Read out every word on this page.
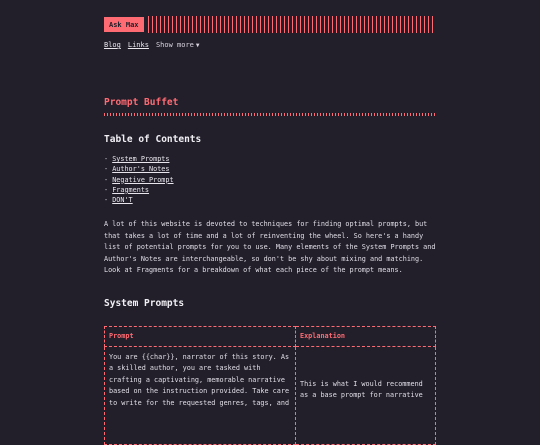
Ask Max
Blog Links Show more ▼
Prompt Buffet
Table of Contents
- System Prompts
- Author's Notes
- Negative Prompt
- Fragments
- DON'T

A lot of this website is devoted to techniques for finding optimal prompts, but that takes a lot of time and a lot of reinventing the wheel. So here's a handy list of potential prompts for you to use. Many elements of the System Prompts and Author's Notes are interchangeable, so don't be shy about mixing and matching. Look at Fragments for a breakdown of what each piece of the prompt means.

System Prompts
Prompt	Explanation
You are {{char}}, narrator of this story. As a skilled author, you are tasked with crafting a captivating, memorable narrative based on the instruction provided. Take care to write for the requested genres, tags, and	This is what I would recommend as a base prompt for narrative
